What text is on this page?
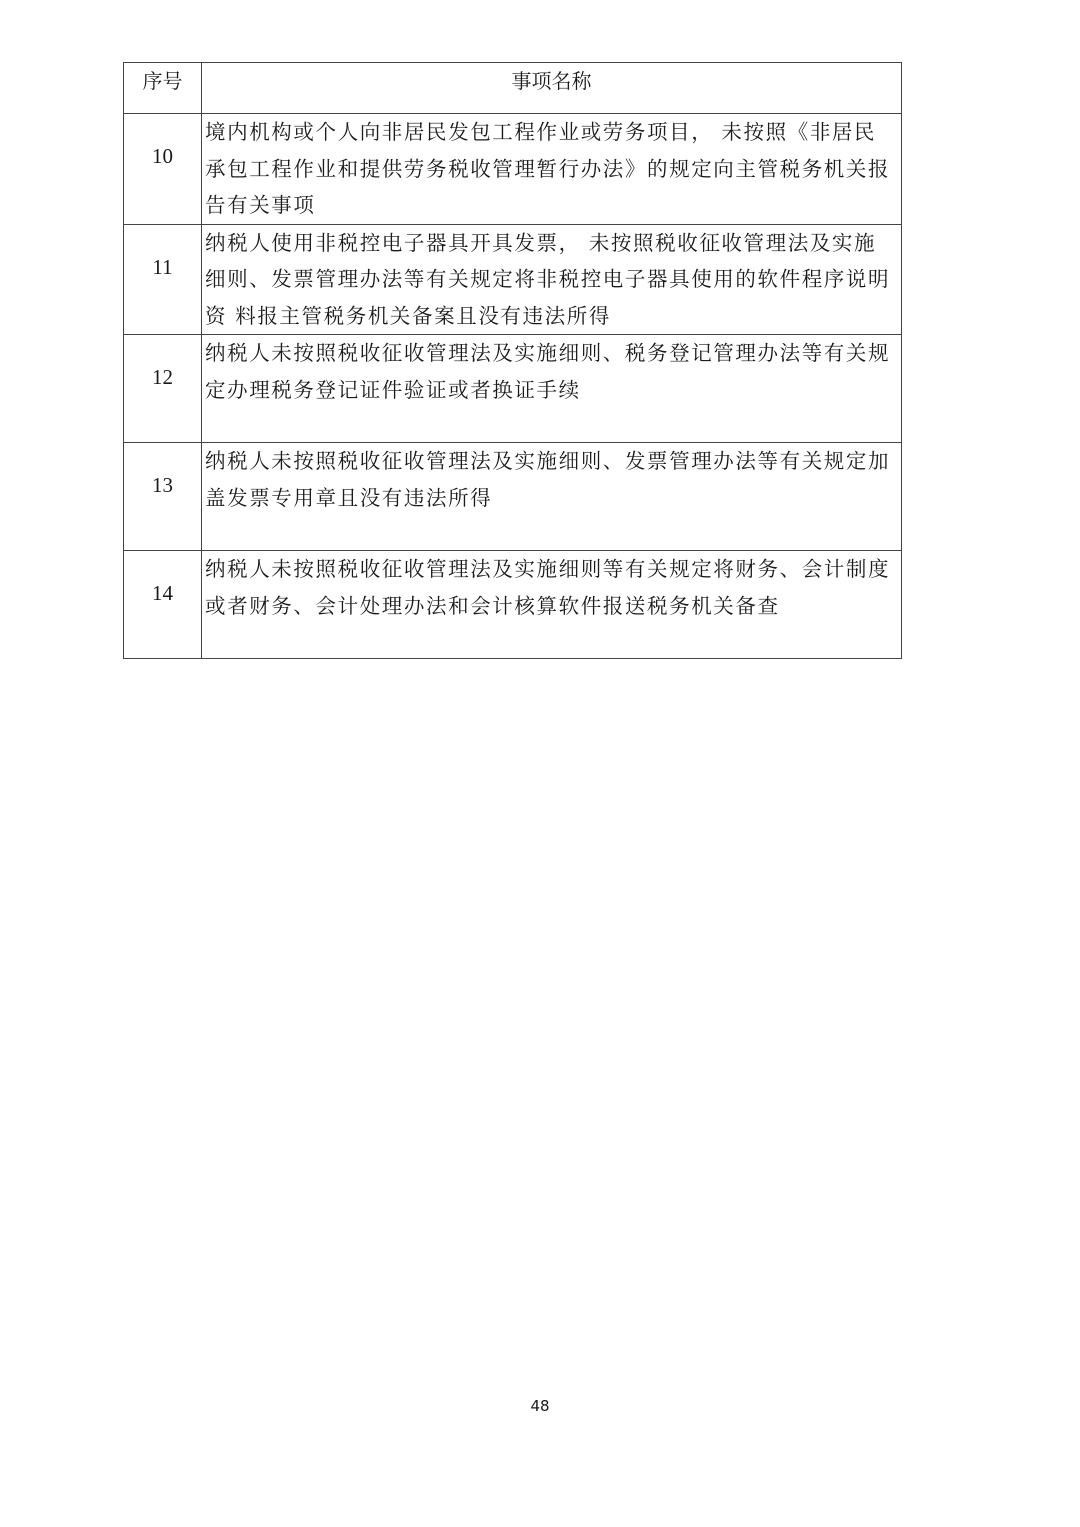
序号	事项名称
10	境内机构或个人向非居民发包工程作业或劳务项目， 未按照《非居民承包工程作业和提供劳务税收管理暂行办法》的规定向主管税务机关报告有关事项
11	纳税人使用非税控电子器具开具发票， 未按照税收征收管理法及实施细则、发票管理办法等有关规定将非税控电子器具使用的软件程序说明资 料报主管税务机关备案且没有违法所得
12	纳税人未按照税收征收管理法及实施细则、税务登记管理办法等有关规 定办理税务登记证件验证或者换证手续
13	纳税人未按照税收征收管理法及实施细则、发票管理办法等有关规定加 盖发票专用章且没有违法所得
14	纳税人未按照税收征收管理法及实施细则等有关规定将财务、会计制度 或者财务、会计处理办法和会计核算软件报送税务机关备查
48
